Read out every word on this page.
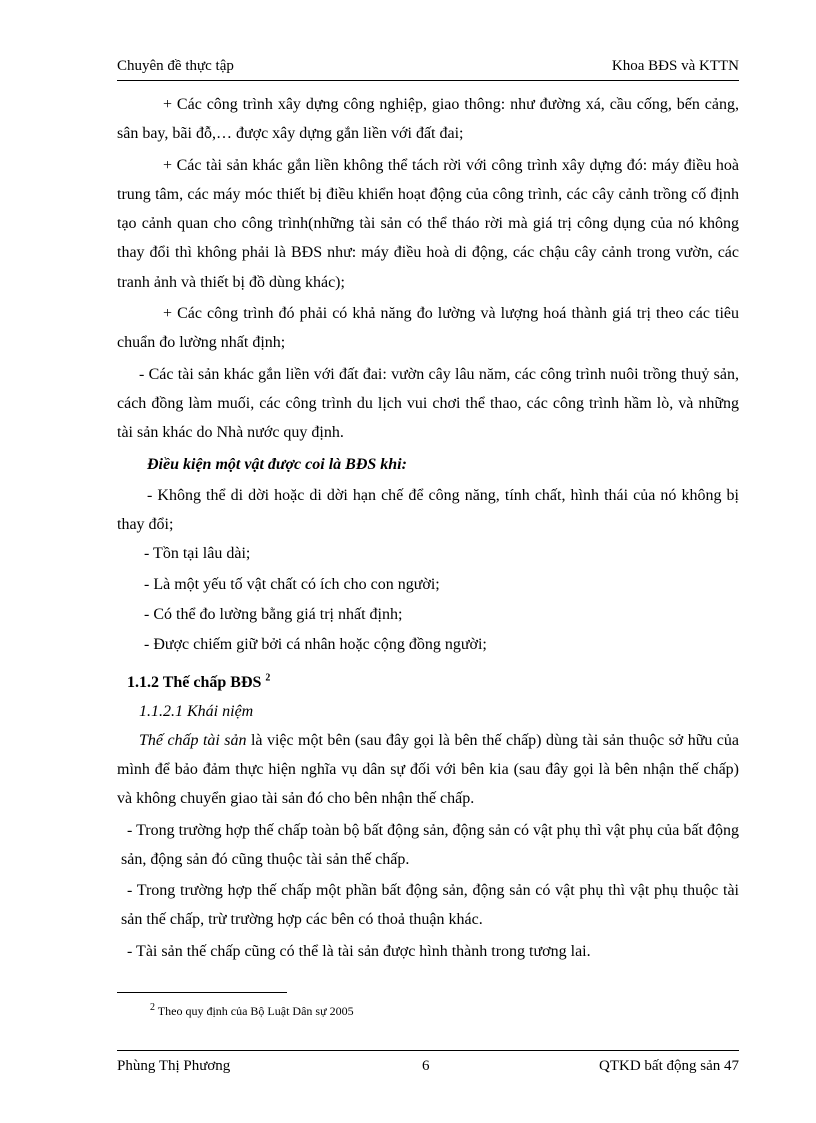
Chuyên đề thực tập	Khoa BĐS và KTTN

+ Các công trình xây dựng công nghiệp, giao thông: như đường xá, cầu cống, bến cảng, sân bay, bãi đỗ,… được xây dựng gắn liền với đất đai;

+ Các tài sản khác gắn liền không thể tách rời với công trình xây dựng đó: máy điều hoà trung tâm, các máy móc thiết bị điều khiển hoạt động của công trình, các cây cảnh trồng cố định tạo cảnh quan cho công trình(những tài sản có thể tháo rời mà giá trị công dụng của nó không thay đổi thì không phải là BĐS như: máy điều hoà di động, các chậu cây cảnh trong vườn, các tranh ảnh và thiết bị đồ dùng khác);

+ Các công trình đó phải có khả năng đo lường và lượng hoá thành giá trị theo các tiêu chuẩn đo lường nhất định;

- Các tài sản khác gắn liền với đất đai: vườn cây lâu năm, các công trình nuôi trồng thuỷ sản, cách đồng làm muối, các công trình du lịch vui chơi thể thao, các công trình hầm lò, và những tài sản khác do Nhà nước quy định.

Điều kiện một vật được coi là BĐS khi:

- Không thể di dời hoặc di dời hạn chế để công năng, tính chất, hình thái của nó không bị thay đổi;

- Tồn tại lâu dài;

- Là một yếu tố vật chất có ích cho con người;

- Có thể đo lường bằng giá trị nhất định;

- Được chiếm giữ bởi cá nhân hoặc cộng đồng người;

1.1.2 Thế chấp BĐS $^2$

1.1.2.1 Khái niệm

Thế chấp tài sản là việc một bên (sau đây gọi là bên thế chấp) dùng tài sản thuộc sở hữu của mình để bảo đảm thực hiện nghĩa vụ dân sự đối với bên kia (sau đây gọi là bên nhận thế chấp) và không chuyển giao tài sản đó cho bên nhận thế chấp.

- Trong trường hợp thế chấp toàn bộ bất động sản, động sản có vật phụ thì vật phụ của bất động sản, động sản đó cũng thuộc tài sản thế chấp.

- Trong trường hợp thế chấp một phần bất động sản, động sản có vật phụ thì vật phụ thuộc tài sản thế chấp, trừ trường hợp các bên có thoả thuận khác.

- Tài sản thế chấp cũng có thể là tài sản được hình thành trong tương lai.

$^2$ Theo quy định của Bộ Luật Dân sự 2005
Phùng Thị Phương	6	QTKD bất động sản 47
